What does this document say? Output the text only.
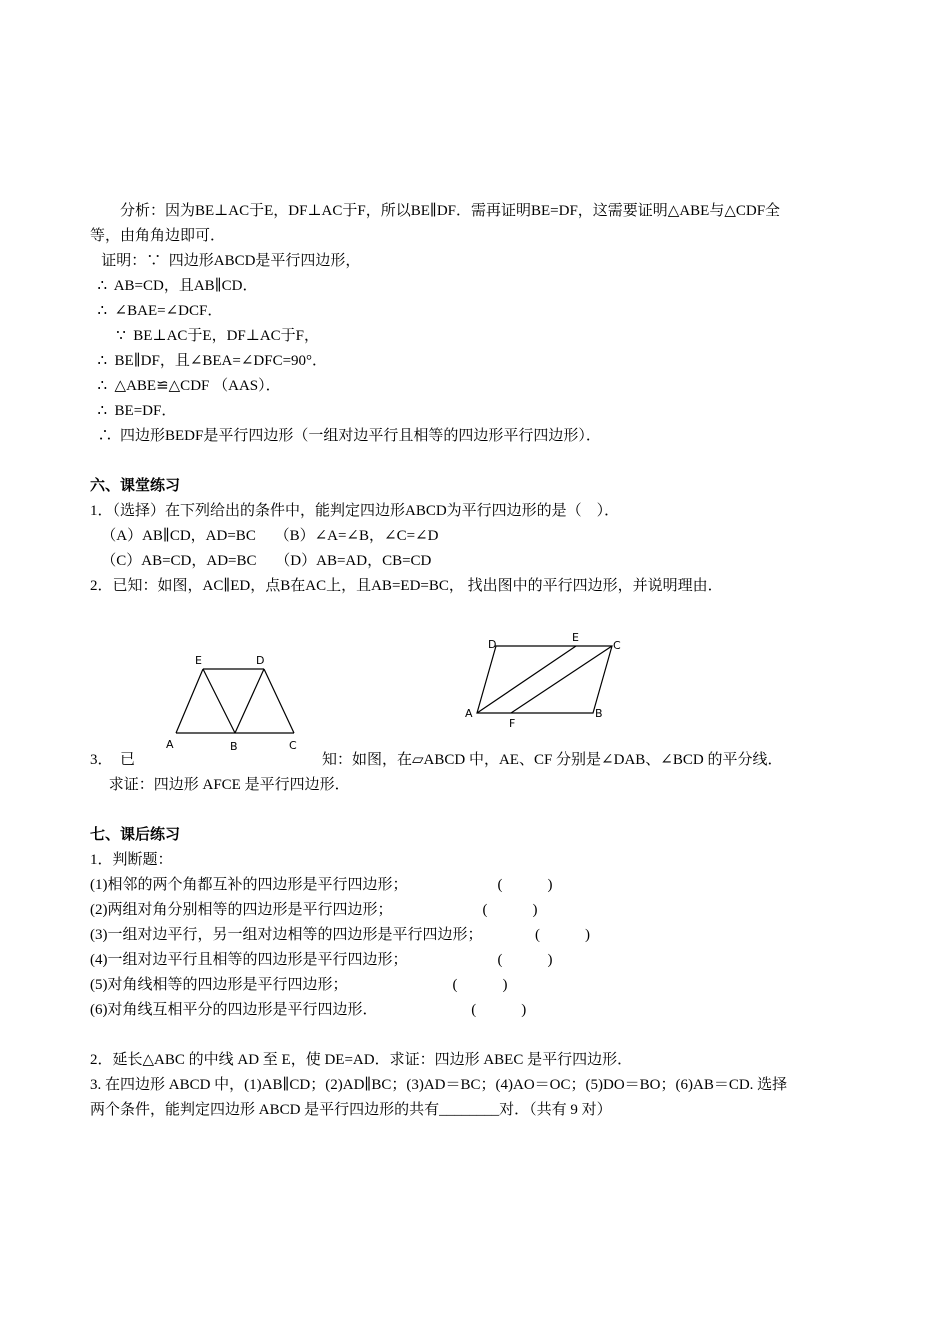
分析：因为BE⊥AC于E，DF⊥AC于F，所以BE∥DF．需再证明BE=DF，这需要证明△ABE与△CDF全
等，由角角边即可．
证明：∵  四边形ABCD是平行四边形，
∴  AB=CD，且AB∥CD．
∴  ∠BAE=∠DCF．
∵  BE⊥AC于E，DF⊥AC于F，
∴  BE∥DF，且∠BEA=∠DFC=90°．
∴  △ABE≌△CDF （AAS）．
∴  BE=DF．
∴  四边形BEDF是平行四边形（一组对边平行且相等的四边形平行四边形）．
六、课堂练习
1．（选择）在下列给出的条件中，能判定四边形ABCD为平行四边形的是（    ）．
（A）AB∥CD，AD=BC     （B）∠A=∠B，∠C=∠D
（C）AB=CD，AD=BC     （D）AB=AD，CB=CD
2．已知：如图，AC∥ED，点B在AC上，且AB=ED=BC， 找出图中的平行四边形，并说明理由．
E	D
A	B	C
D
E
C
A
F
B
3．  已	知：如图，在▱ABCD 中，AE、CF 分别是∠DAB、∠BCD 的平分线．
求证：四边形 AFCE 是平行四边形．
七、课后练习
1．判断题：
(1)相邻的两个角都互补的四边形是平行四边形；                        (            )
(2)两组对角分别相等的四边形是平行四边形；                        (            )
(3)一组对边平行，另一组对边相等的四边形是平行四边形；              (            )
(4)一组对边平行且相等的四边形是平行四边形；                        (            )
(5)对角线相等的四边形是平行四边形；                            (            )
(6)对角线互相平分的四边形是平行四边形．                         (            )
2．延长△ABC 的中线 AD 至 E，使 DE=AD．求证：四边形 ABEC 是平行四边形．
3. 在四边形 ABCD 中，(1)AB∥CD；(2)AD∥BC；(3)AD＝BC；(4)AO＝OC；(5)DO＝BO；(6)AB＝CD. 选择
两个条件，能判定四边形 ABCD 是平行四边形的共有________对．（共有 9 对）
